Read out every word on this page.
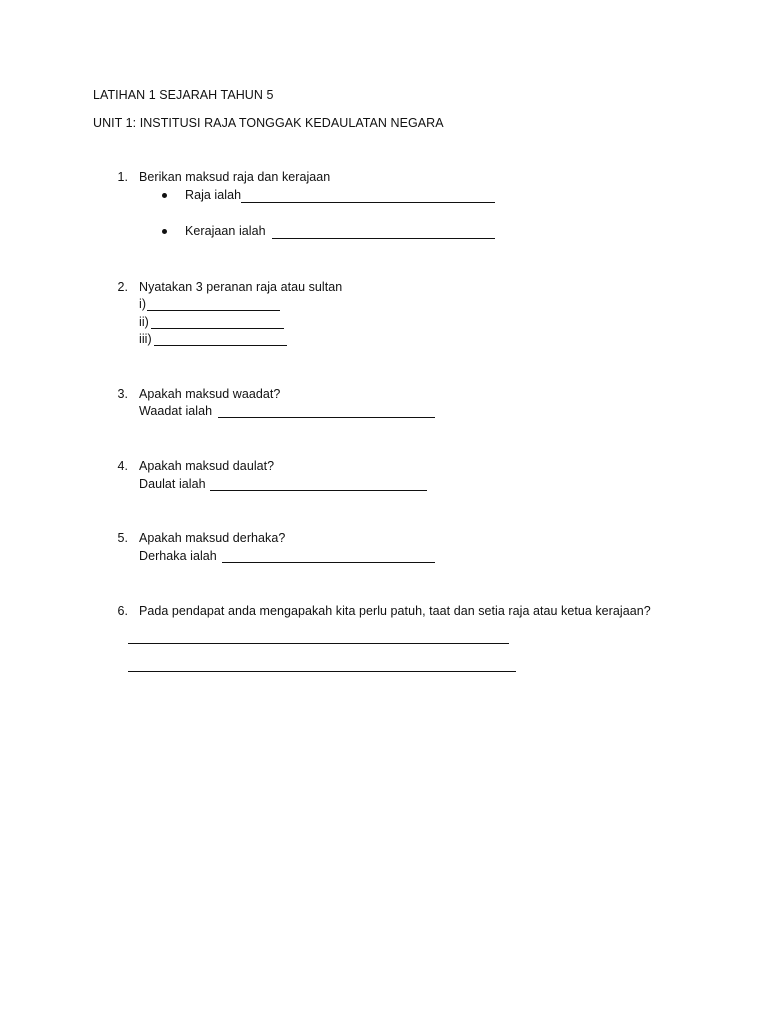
LATIHAN 1 SEJARAH TAHUN 5
UNIT 1: INSTITUSI RAJA TONGGAK KEDAULATAN NEGARA
1. Berikan maksud raja dan kerajaan
Raja ialah
Kerajaan ialah
2. Nyatakan 3 peranan raja atau sultan
i)
ii)
iii)
3. Apakah maksud waadat?
Waadat ialah
4. Apakah maksud daulat?
Daulat ialah
5. Apakah maksud derhaka?
Derhaka ialah
6. Pada pendapat anda mengapakah kita perlu patuh, taat dan setia raja atau ketua kerajaan?
